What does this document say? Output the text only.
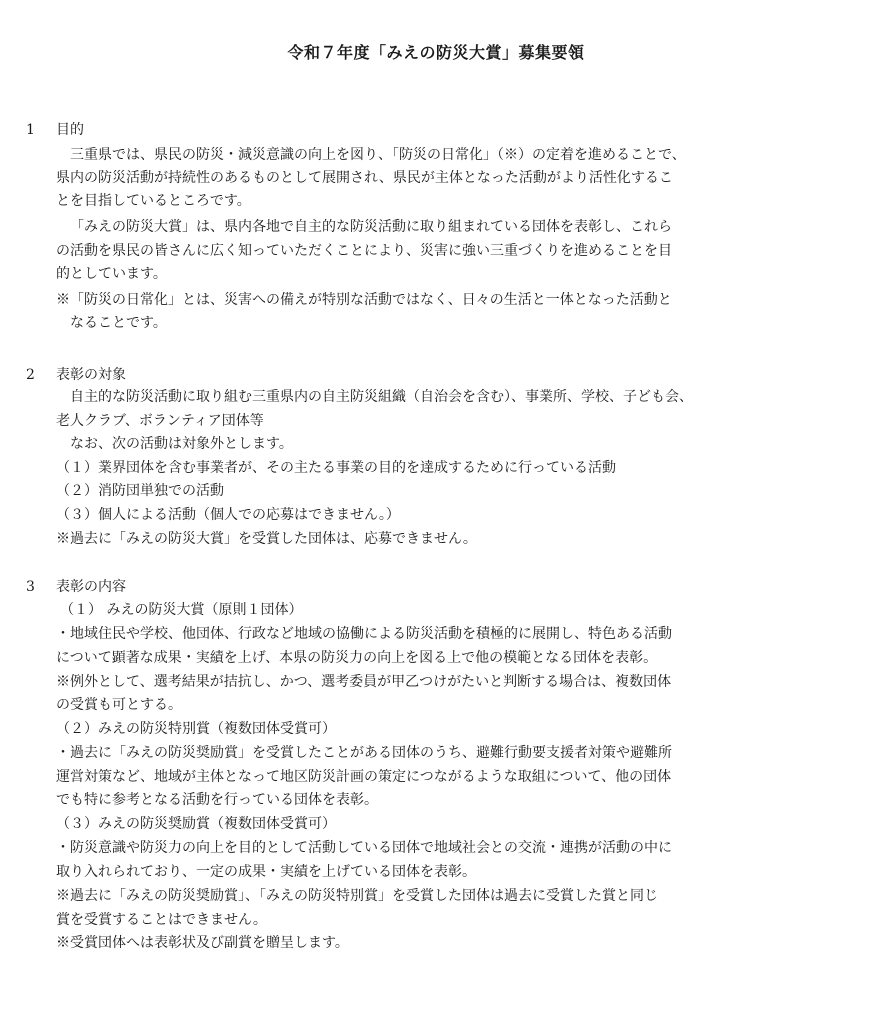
令和７年度「みえの防災大賞」募集要領
1 目的
三重県では、県民の防災・減災意識の向上を図り、「防災の日常化」（※）の定着を進めることで、
県内の防災活動が持続性のあるものとして展開され、県民が主体となった活動がより活性化するこ
とを目指しているところです。
「みえの防災大賞」は、県内各地で自主的な防災活動に取り組まれている団体を表彰し、これら
の活動を県民の皆さんに広く知っていただくことにより、災害に強い三重づくりを進めることを目
的としています。
※「防災の日常化」とは、災害への備えが特別な活動ではなく、日々の生活と一体となった活動と
なることです。
2 表彰の対象
自主的な防災活動に取り組む三重県内の自主防災組織（自治会を含む）、事業所、学校、子ども会、
老人クラブ、ボランティア団体等
なお、次の活動は対象外とします。
（１）業界団体を含む事業者が、その主たる事業の目的を達成するために行っている活動
（２）消防団単独での活動
（３）個人による活動（個人での応募はできません。）
※過去に「みえの防災大賞」を受賞した団体は、応募できません。
3 表彰の内容
（１） みえの防災大賞（原則１団体）
・地域住民や学校、他団体、行政など地域の協働による防災活動を積極的に展開し、特色ある活動
について顕著な成果・実績を上げ、本県の防災力の向上を図る上で他の模範となる団体を表彰。
※例外として、選考結果が拮抗し、かつ、選考委員が甲乙つけがたいと判断する場合は、複数団体
の受賞も可とする。
（２）みえの防災特別賞（複数団体受賞可）
・過去に「みえの防災奨励賞」を受賞したことがある団体のうち、避難行動要支援者対策や避難所
運営対策など、地域が主体となって地区防災計画の策定につながるような取組について、他の団体
でも特に参考となる活動を行っている団体を表彰。
（３）みえの防災奨励賞（複数団体受賞可）
・防災意識や防災力の向上を目的として活動している団体で地域社会との交流・連携が活動の中に
取り入れられており、一定の成果・実績を上げている団体を表彰。
※過去に「みえの防災奨励賞」、「みえの防災特別賞」を受賞した団体は過去に受賞した賞と同じ
賞を受賞することはできません。
※受賞団体へは表彰状及び副賞を贈呈します。
